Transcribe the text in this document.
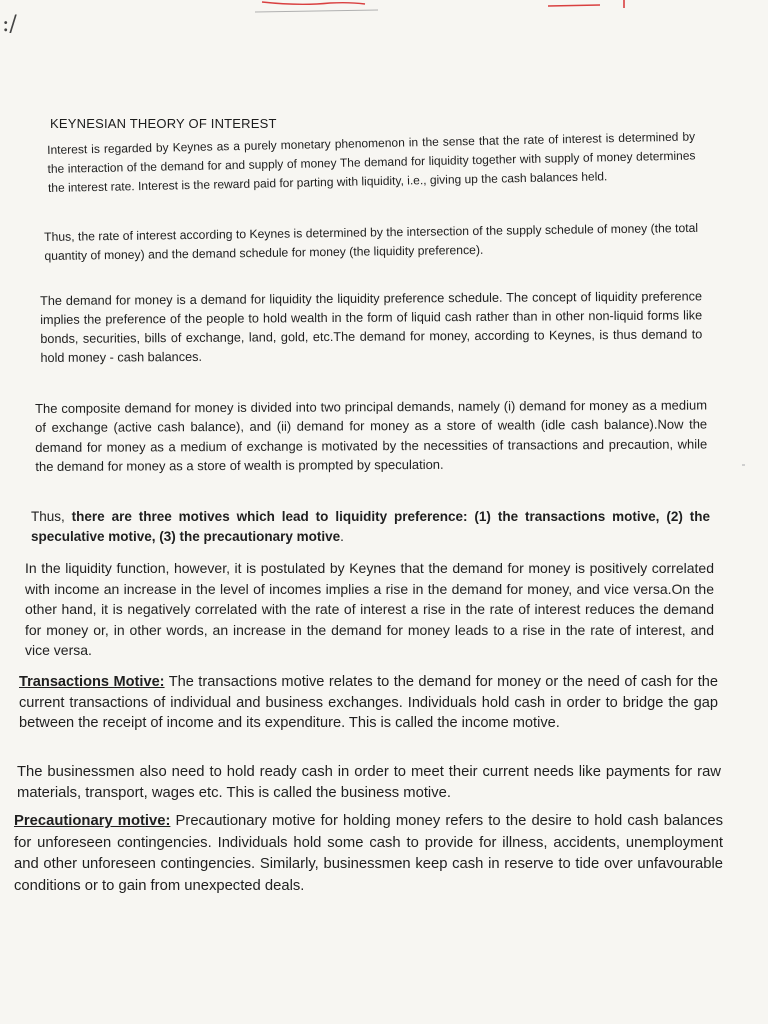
:/
KEYNESIAN THEORY OF INTEREST

Interest is regarded by Keynes as a purely monetary phenomenon in the sense that the rate of interest is determined by the interaction of the demand for and supply of money The demand for liquidity together with supply of money determines the interest rate. Interest is the reward paid for parting with liquidity, i.e., giving up the cash balances held.

Thus, the rate of interest according to Keynes is determined by the intersection of the supply schedule of money (the total quantity of money) and the demand schedule for money (the liquidity preference).

The demand for money is a demand for liquidity the liquidity preference schedule. The concept of liquidity preference implies the preference of the people to hold wealth in the form of liquid cash rather than in other non-liquid forms like bonds, securities, bills of exchange, land, gold, etc.The demand for money, according to Keynes, is thus demand to hold money - cash balances.

The composite demand for money is divided into two principal demands, namely (i) demand for money as a medium of exchange (active cash balance), and (ii) demand for money as a store of wealth (idle cash balance).Now the demand for money as a medium of exchange is motivated by the necessities of transactions and precaution, while the demand for money as a store of wealth is prompted by speculation.

Thus, there are three motives which lead to liquidity preference: (1) the transactions motive, (2) the speculative motive, (3) the precautionary motive.

In the liquidity function, however, it is postulated by Keynes that the demand for money is positively correlated with income an increase in the level of incomes implies a rise in the demand for money, and vice versa.On the other hand, it is negatively correlated with the rate of interest a rise in the rate of interest reduces the demand for money or, in other words, an increase in the demand for money leads to a rise in the rate of interest, and vice versa.

Transactions Motive: The transactions motive relates to the demand for money or the need of cash for the current transactions of individual and business exchanges. Individuals hold cash in order to bridge the gap between the receipt of income and its expenditure. This is called the income motive.

The businessmen also need to hold ready cash in order to meet their current needs like payments for raw materials, transport, wages etc. This is called the business motive.

Precautionary motive: Precautionary motive for holding money refers to the desire to hold cash balances for unforeseen contingencies. Individuals hold some cash to provide for illness, accidents, unemployment and other unforeseen contingencies. Similarly, businessmen keep cash in reserve to tide over unfavourable conditions or to gain from unexpected deals.
